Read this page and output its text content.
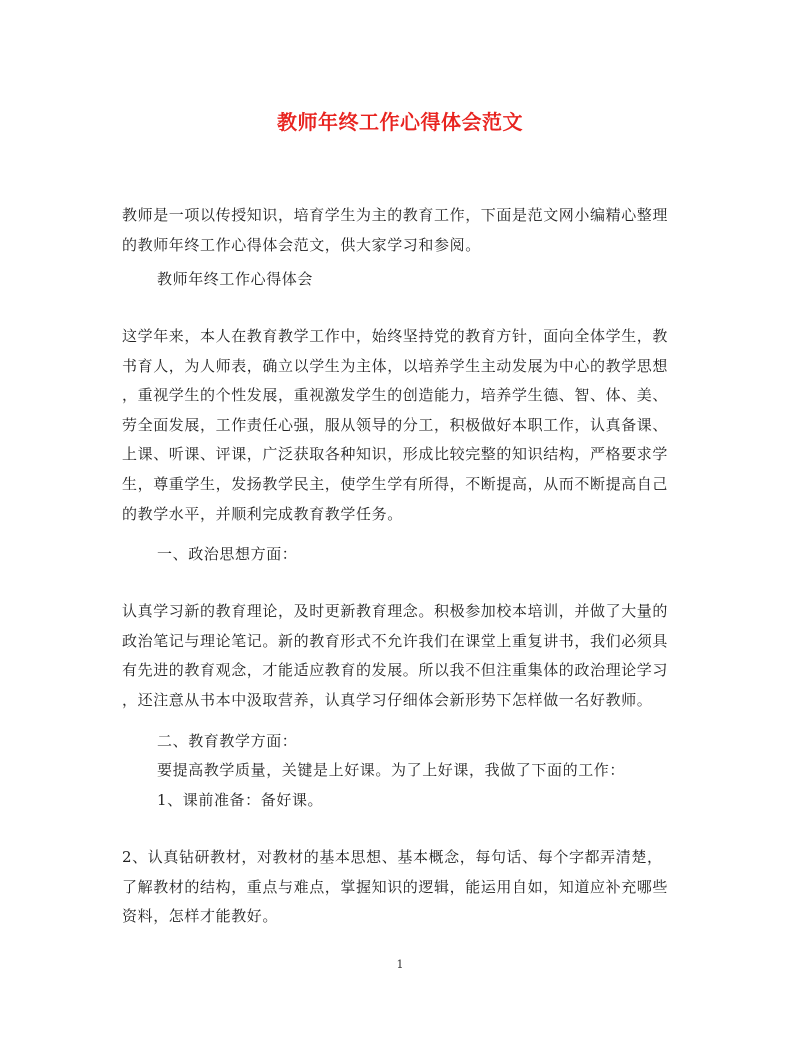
教师年终工作心得体会范文

教师是一项以传授知识，培育学生为主的教育工作，下面是范文网小编精心整理
的教师年终工作心得体会范文，供大家学习和参阅。

教师年终工作心得体会

这学年来，本人在教育教学工作中，始终坚持党的教育方针，面向全体学生，教
书育人，为人师表，确立以学生为主体，以培养学生主动发展为中心的教学思想
，重视学生的个性发展，重视激发学生的创造能力，培养学生德、智、体、美、
劳全面发展，工作责任心强，服从领导的分工，积极做好本职工作，认真备课、
上课、听课、评课，广泛获取各种知识，形成比较完整的知识结构，严格要求学
生，尊重学生，发扬教学民主，使学生学有所得，不断提高，从而不断提高自己
的教学水平，并顺利完成教育教学任务。

一、政治思想方面：

认真学习新的教育理论，及时更新教育理念。积极参加校本培训，并做了大量的
政治笔记与理论笔记。新的教育形式不允许我们在课堂上重复讲书，我们必须具
有先进的教育观念，才能适应教育的发展。所以我不但注重集体的政治理论学习
，还注意从书本中汲取营养，认真学习仔细体会新形势下怎样做一名好教师。

二、教育教学方面：

要提高教学质量，关键是上好课。为了上好课，我做了下面的工作：

1、课前准备：备好课。

2、认真钻研教材，对教材的基本思想、基本概念，每句话、每个字都弄清楚，
了解教材的结构，重点与难点，掌握知识的逻辑，能运用自如，知道应补充哪些
资料，怎样才能教好。

1
